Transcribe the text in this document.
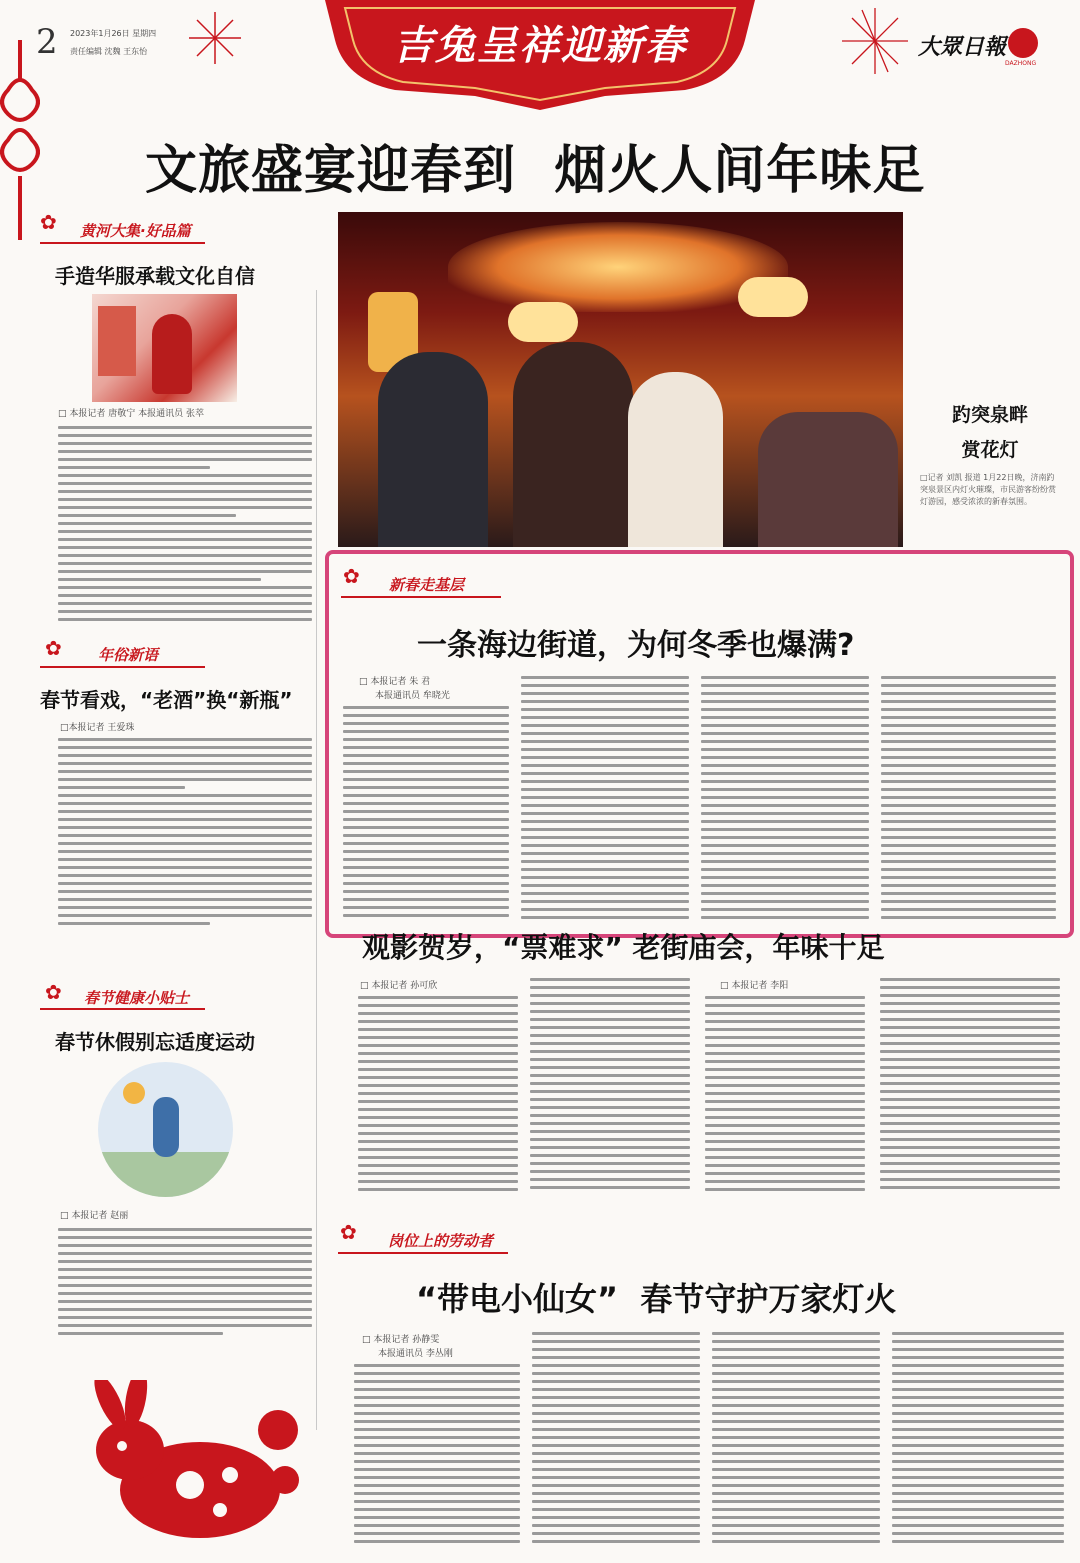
2 2023年1月26日 星期四
责任编辑 沈魏 王东怡	吉兔呈祥迎新春	大眾日報
DAZHONG
文旅盛宴迎春到  烟火人间年味足
✿ 黄河大集·好品篇
手造华服承载文化自信
□ 本报记者 唐敬宁 本报通讯员 张萃
✿ 年俗新语
春节看戏，“老酒”换“新瓶”
□本报记者 王爱珠
✿ 春节健康小贴士
春节休假别忘适度运动
□ 本报记者 赵丽
趵突泉畔
赏花灯
□记者 刘凯 报道 1月22日晚，济南趵突泉景区内灯火璀璨，市民游客纷纷赏灯游园，感受浓浓的新春氛围。
✿ 新春走基层
一条海边街道，为何冬季也爆满?
□ 本报记者 朱 君
本报通讯员 牟晓光
观影贺岁，“票难求” 老街庙会，年味十足
□ 本报记者 孙可欣	□ 本报记者 李阳
✿ 岗位上的劳动者
“带电小仙女”  春节守护万家灯火
□ 本报记者 孙静雯
本报通讯员 李丛刚
